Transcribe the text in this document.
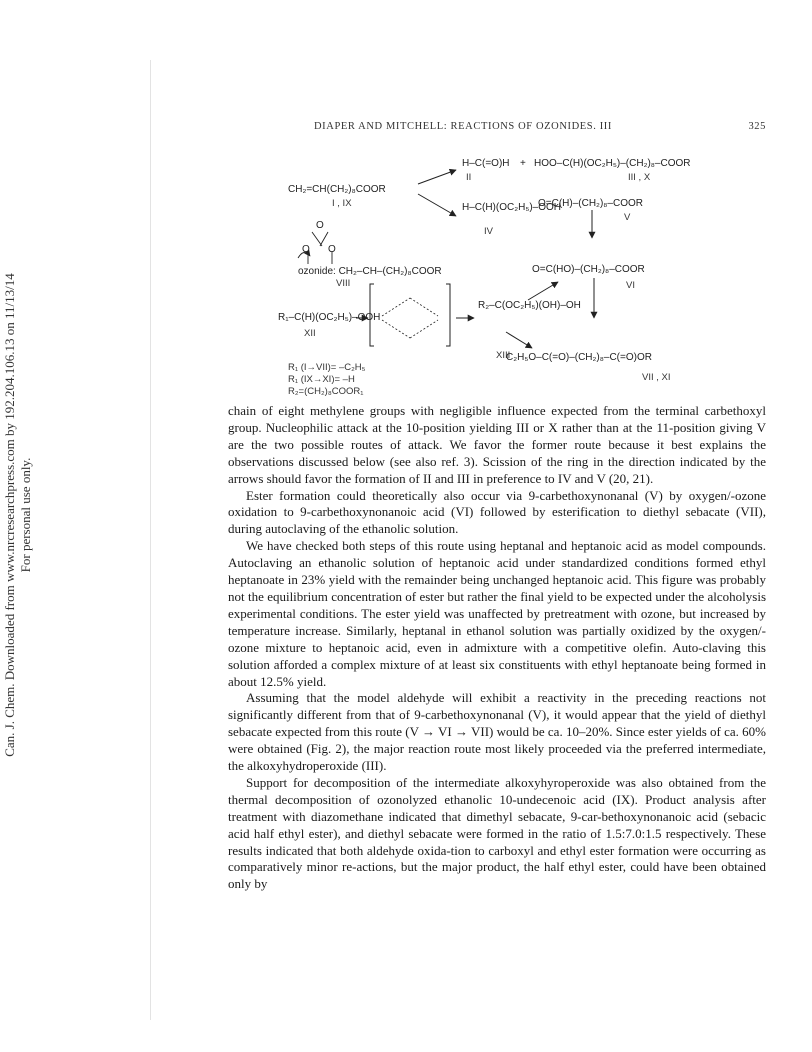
Can. J. Chem. Downloaded from www.nrcresearchpress.com by 192.204.106.13 on 11/13/14 For personal use only.
DIAPER AND MITCHELL: REACTIONS OF OZONIDES. III	325
CH₂=CH(CH₂)₈COOR
I , IX
H–C(=O)H
II
+ HOO–C(H)(OC₂H₅)–(CH₂)₈–COOR
III , X
H–C(H)(OC₂H₅)–OOH
IV
O=C(H)–(CH₂)₈–COOR
V
O
O O
ozonide: CH₂–CH–(CH₂)₈COOR
VIII
O=C(HO)–(CH₂)₈–COOR
VI
R₁–C(H)(OC₂H₅)–OOH
XII
R₂–C(OC₂H₅)(OH)–OH
XIII
C₂H₅O–C(=O)–(CH₂)₈–C(=O)OR
VII , XI
R₁ (I→VII)= –C₂H₅
R₁ (IX→XI)= –H
R₂=(CH₂)₈COOR₁

chain of eight methylene groups with negligible influence expected from the terminal carbethoxyl group. Nucleophilic attack at the 10-position yielding III or X rather than at the 11-position giving V are the two possible routes of attack. We favor the former route because it best explains the observations discussed below (see also ref. 3). Scission of the ring in the direction indicated by the arrows should favor the formation of II and III in preference to IV and V (20, 21).

Ester formation could theoretically also occur via 9-carbethoxynonanal (V) by oxygen/-ozone oxidation to 9-carbethoxynonanoic acid (VI) followed by esterification to diethyl sebacate (VII), during autoclaving of the ethanolic solution.

We have checked both steps of this route using heptanal and heptanoic acid as model compounds. Autoclaving an ethanolic solution of heptanoic acid under standardized conditions formed ethyl heptanoate in 23% yield with the remainder being unchanged heptanoic acid. This figure was probably not the equilibrium concentration of ester but rather the final yield to be expected under the alcoholysis experimental conditions. The ester yield was unaffected by pretreatment with ozone, but increased by temperature increase. Similarly, heptanal in ethanol solution was partially oxidized by the oxygen/-ozone mixture to heptanoic acid, even in admixture with a competitive olefin. Auto-claving this solution afforded a complex mixture of at least six constituents with ethyl heptanoate being formed in about 12.5% yield.

Assuming that the model aldehyde will exhibit a reactivity in the preceding reactions not significantly different from that of 9-carbethoxynonanal (V), it would appear that the yield of diethyl sebacate expected from this route (V → VI → VII) would be ca. 10–20%. Since ester yields of ca. 60% were obtained (Fig. 2), the major reaction route most likely proceeded via the preferred intermediate, the alkoxyhydroperoxide (III).

Support for decomposition of the intermediate alkoxyhyroperoxide was also obtained from the thermal decomposition of ozonolyzed ethanolic 10-undecenoic acid (IX). Product analysis after treatment with diazomethane indicated that dimethyl sebacate, 9-car-bethoxynonanoic acid (sebacic acid half ethyl ester), and diethyl sebacate were formed in the ratio of 1.5:7.0:1.5 respectively. These results indicated that both aldehyde oxida-tion to carboxyl and ethyl ester formation were occurring as comparatively minor re-actions, but the major product, the half ethyl ester, could have been obtained only by
